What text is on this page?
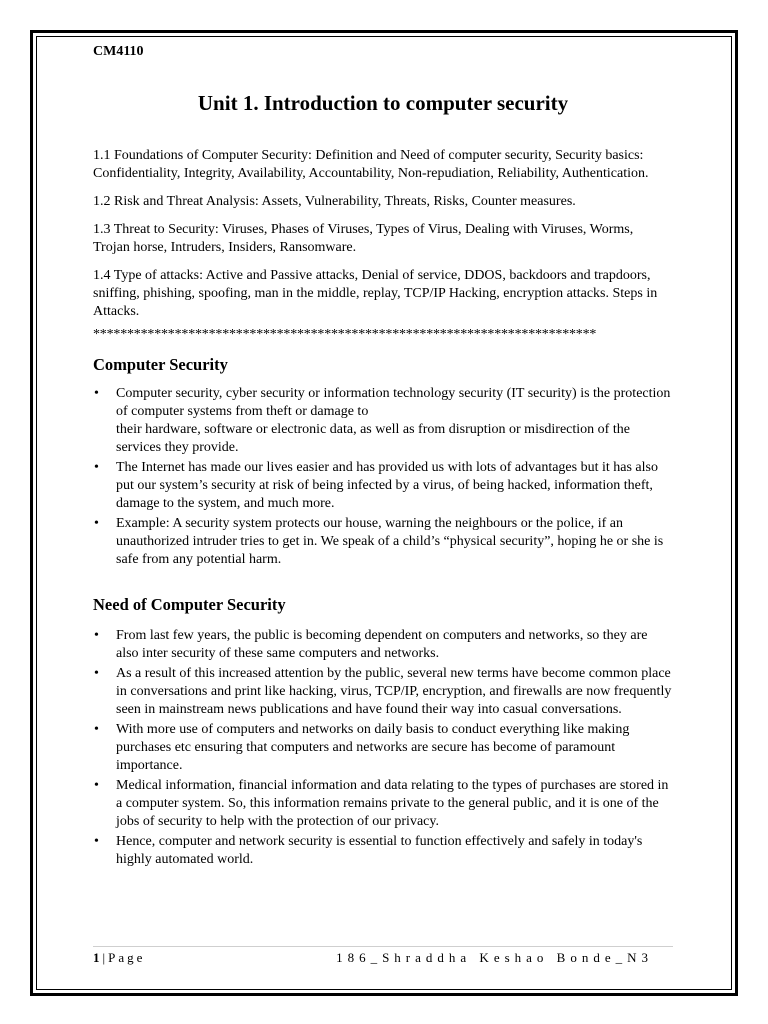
CM4110

Unit 1. Introduction to computer security

1.1 Foundations of Computer Security: Definition and Need of computer security, Security basics: Confidentiality, Integrity, Availability, Accountability, Non-repudiation, Reliability, Authentication.

1.2 Risk and Threat Analysis: Assets, Vulnerability, Threats, Risks, Counter measures.

1.3 Threat to Security: Viruses, Phases of Viruses, Types of Virus, Dealing with Viruses, Worms, Trojan horse, Intruders, Insiders, Ransomware.

1.4 Type of attacks: Active and Passive attacks, Denial of service, DDOS, backdoors and trapdoors, sniffing, phishing, spoofing, man in the middle, replay, TCP/IP Hacking, encryption attacks. Steps in Attacks.

**************************************************************************

Computer Security
• Computer security, cyber security or information technology security (IT security) is the protection of computer systems from theft or damage to
their hardware, software or electronic data, as well as from disruption or misdirection of the services they provide.
• The Internet has made our lives easier and has provided us with lots of advantages but it has also put our system’s security at risk of being infected by a virus, of being hacked, information theft, damage to the system, and much more.
• Example: A security system protects our house, warning the neighbours or the police, if an unauthorized intruder tries to get in. We speak of a child’s “physical security”, hoping he or she is safe from any potential harm.
Need of Computer Security
• From last few years, the public is becoming dependent on computers and networks, so they are also inter security of these same computers and networks.
• As a result of this increased attention by the public, several new terms have become common place in conversations and print like hacking, virus, TCP/IP, encryption, and firewalls are now frequently seen in mainstream news publications and have found their way into casual conversations.
• With more use of computers and networks on daily basis to conduct everything like making purchases etc ensuring that computers and networks are secure has become of paramount importance.
• Medical information, financial information and data relating to the types of purchases are stored in a computer system. So, this information remains private to the general public, and it is one of the jobs of security to help with the protection of our privacy.
• Hence, computer and network security is essential to function effectively and safely in today's highly automated world.
1|Page	186_Shraddha Keshao Bonde_N3
